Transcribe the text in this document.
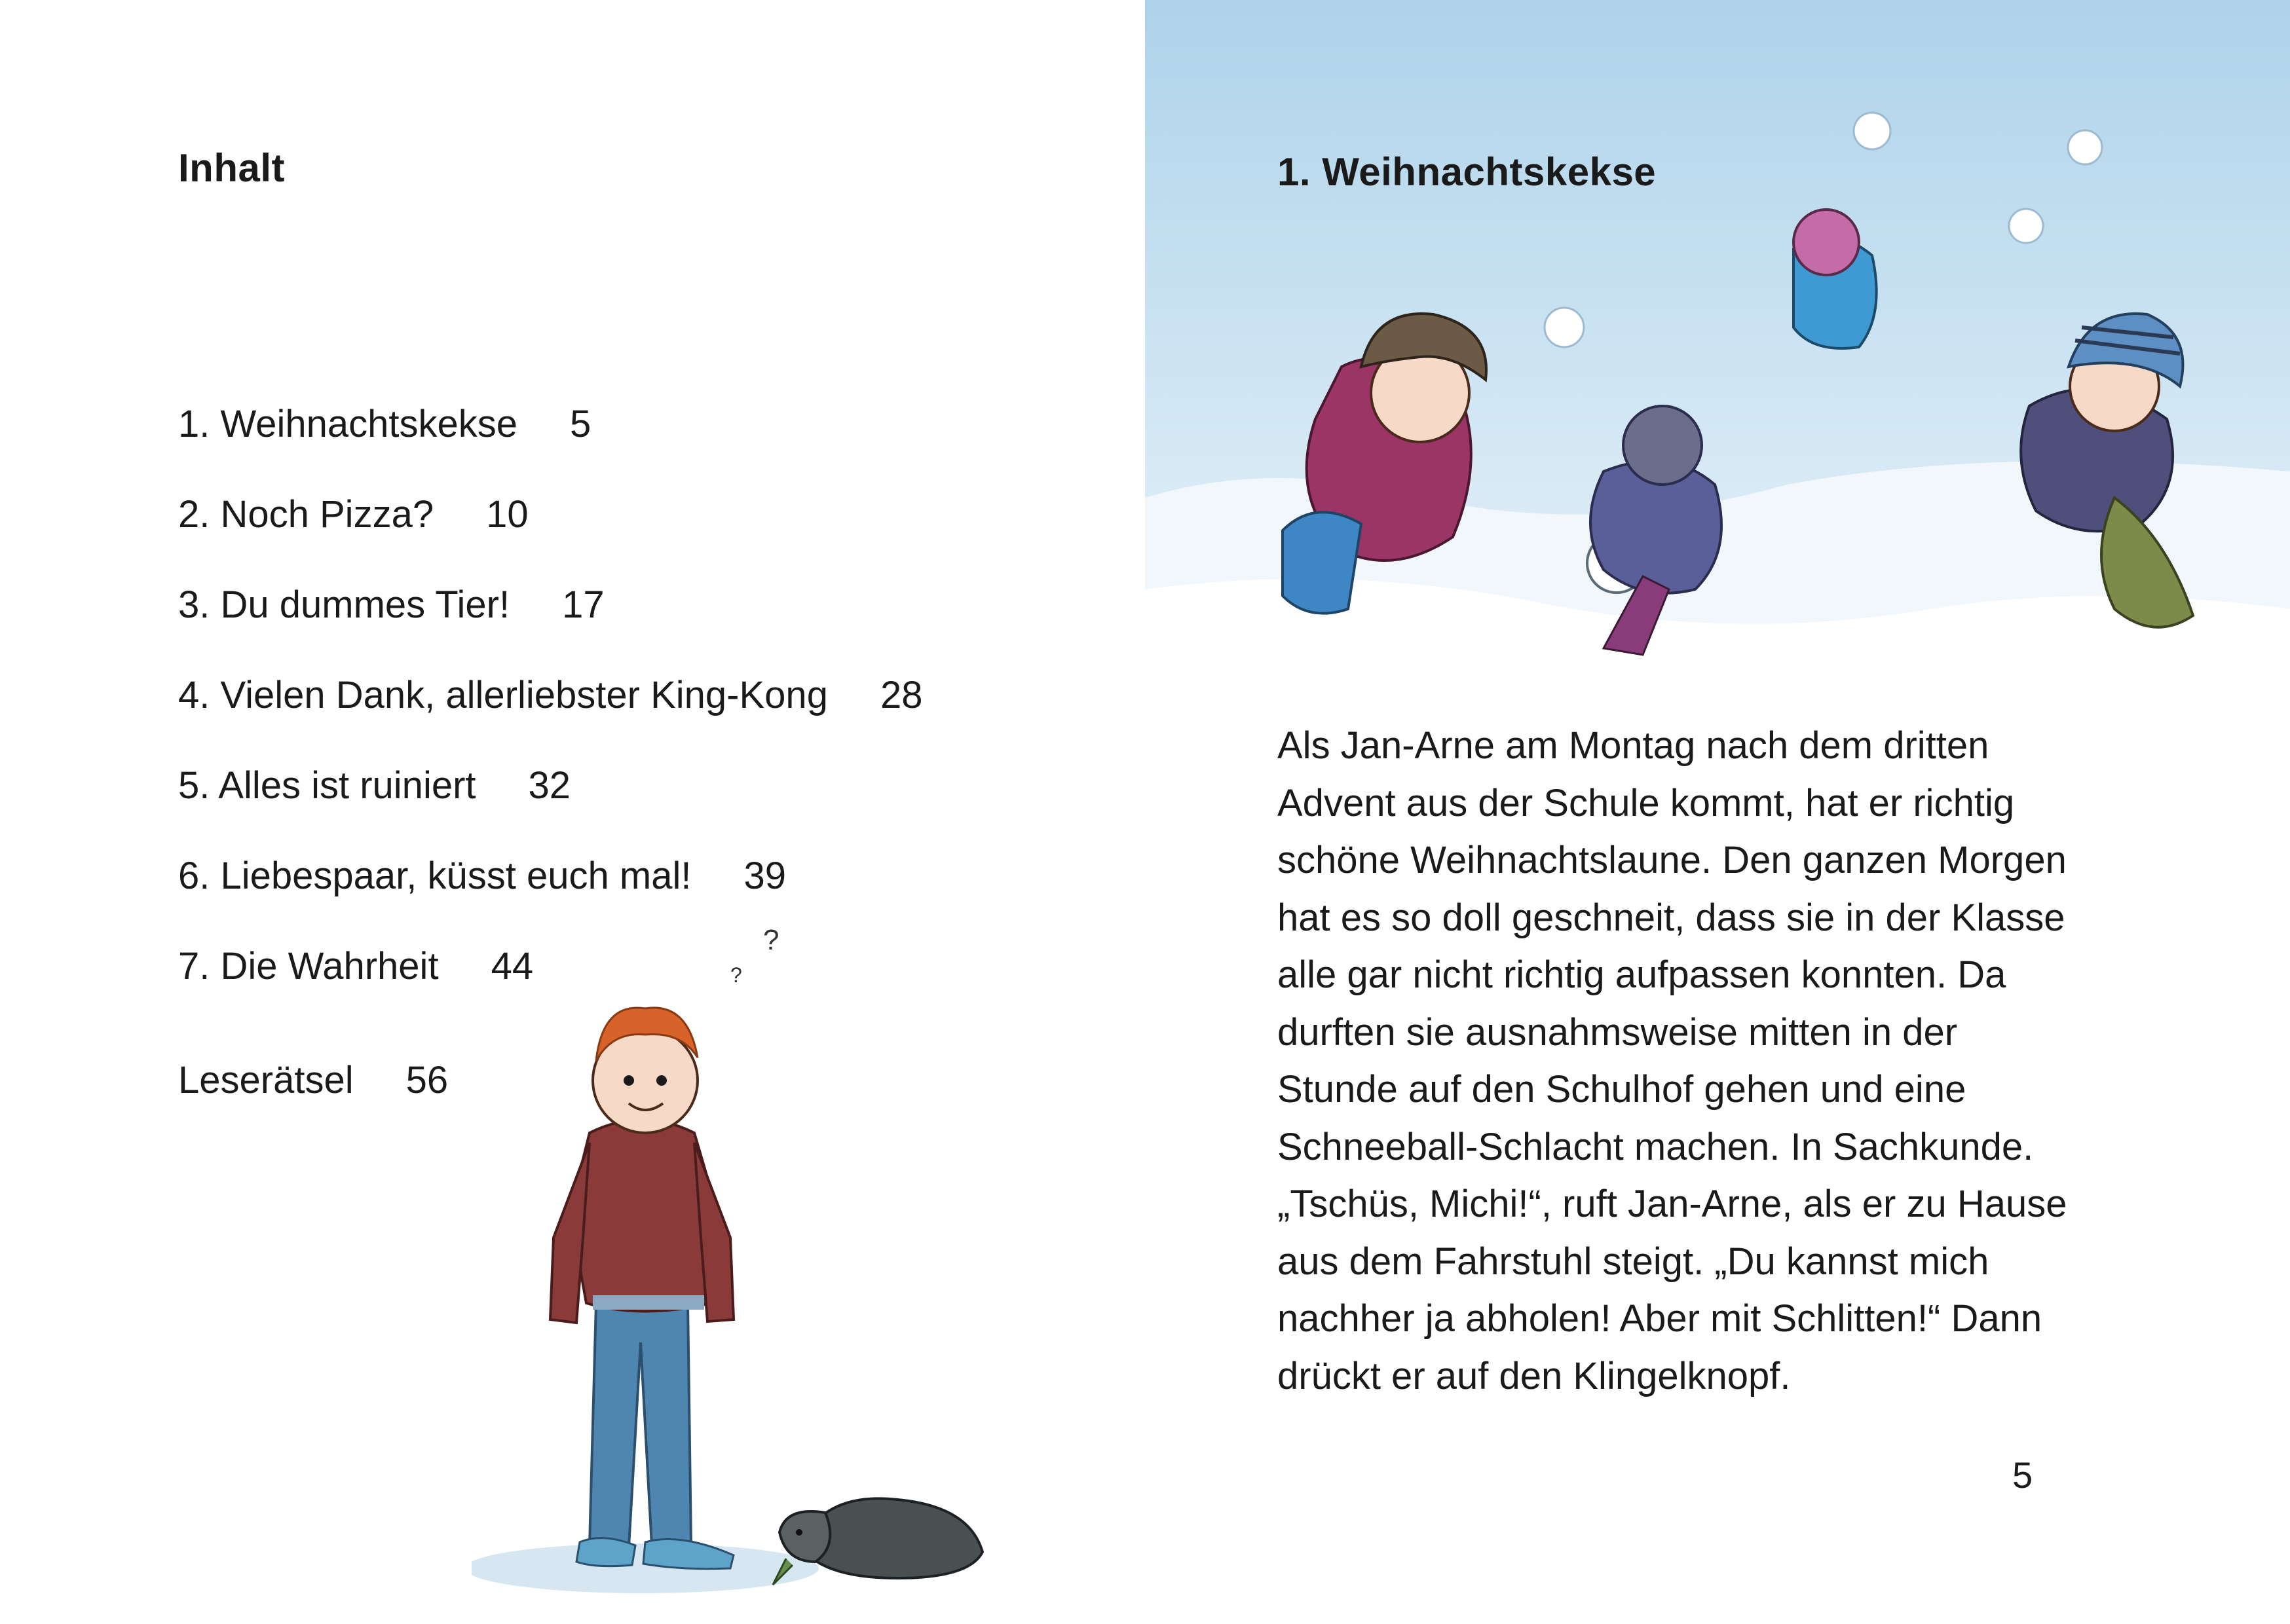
Inhalt
1. Weihnachtskekse 5
2. Noch Pizza? 10
3. Du dummes Tier! 17
4. Vielen Dank, allerliebster King-Kong 28
5. Alles ist ruiniert 32
6. Liebespaar, küsst euch mal! 39
7. Die Wahrheit 44
Leserätsel 56
?
?
1. Weihnachtskekse

Als Jan-Arne am Montag nach dem dritten
Advent aus der Schule kommt, hat er richtig
schöne Weihnachtslaune. Den ganzen Morgen
hat es so doll geschneit, dass sie in der Klasse
alle gar nicht richtig aufpassen konnten. Da
durften sie ausnahmsweise mitten in der
Stunde auf den Schulhof gehen und eine
Schneeball-Schlacht machen. In Sachkunde.
„Tschüs, Michi!“, ruft Jan-Arne, als er zu Hause
aus dem Fahrstuhl steigt. „Du kannst mich
nachher ja abholen! Aber mit Schlitten!“ Dann
drückt er auf den Klingelknopf.

5
